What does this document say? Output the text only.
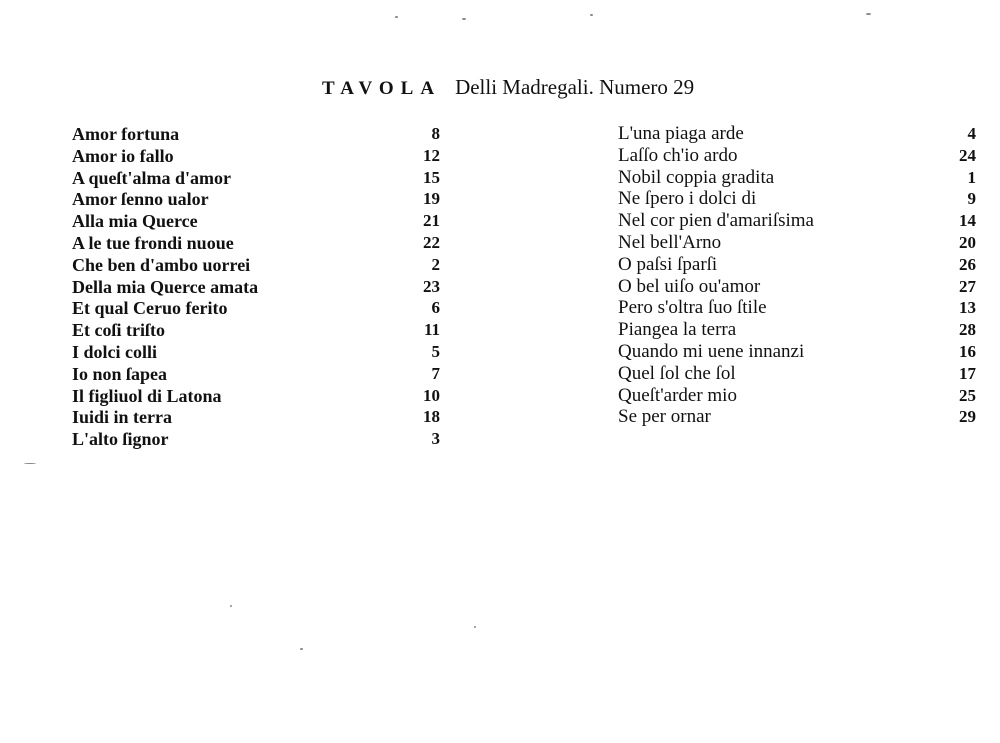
TAVOLA Delli Madregali. Numero 29
Amor fortuna	8
Amor io fallo	12
A queſt'alma d'amor	15
Amor ſenno ualor	19
Alla mia Querce	21
A le tue frondi nuoue	22
Che ben d'ambo uorrei	2
Della mia Querce amata	23
Et qual Ceruo ferito	6
Et coſi triſto	11
I dolci colli	5
Io non ſapea	7
Il figliuol di Latona	10
Iuidi in terra	18
L'alto ſignor	3
L'una piaga arde	4
Laſſo ch'io ardo	24
Nobil coppia gradita	1
Ne ſpero i dolci di	9
Nel cor pien d'amariſsima	14
Nel bell'Arno	20
O paſsi ſparſi	26
O bel uiſo ou'amor	27
Pero s'oltra ſuo ſtile	13
Piangea la terra	28
Quando mi uene innanzi	16
Quel ſol che ſol	17
Queſt'arder mio	25
Se per ornar	29
